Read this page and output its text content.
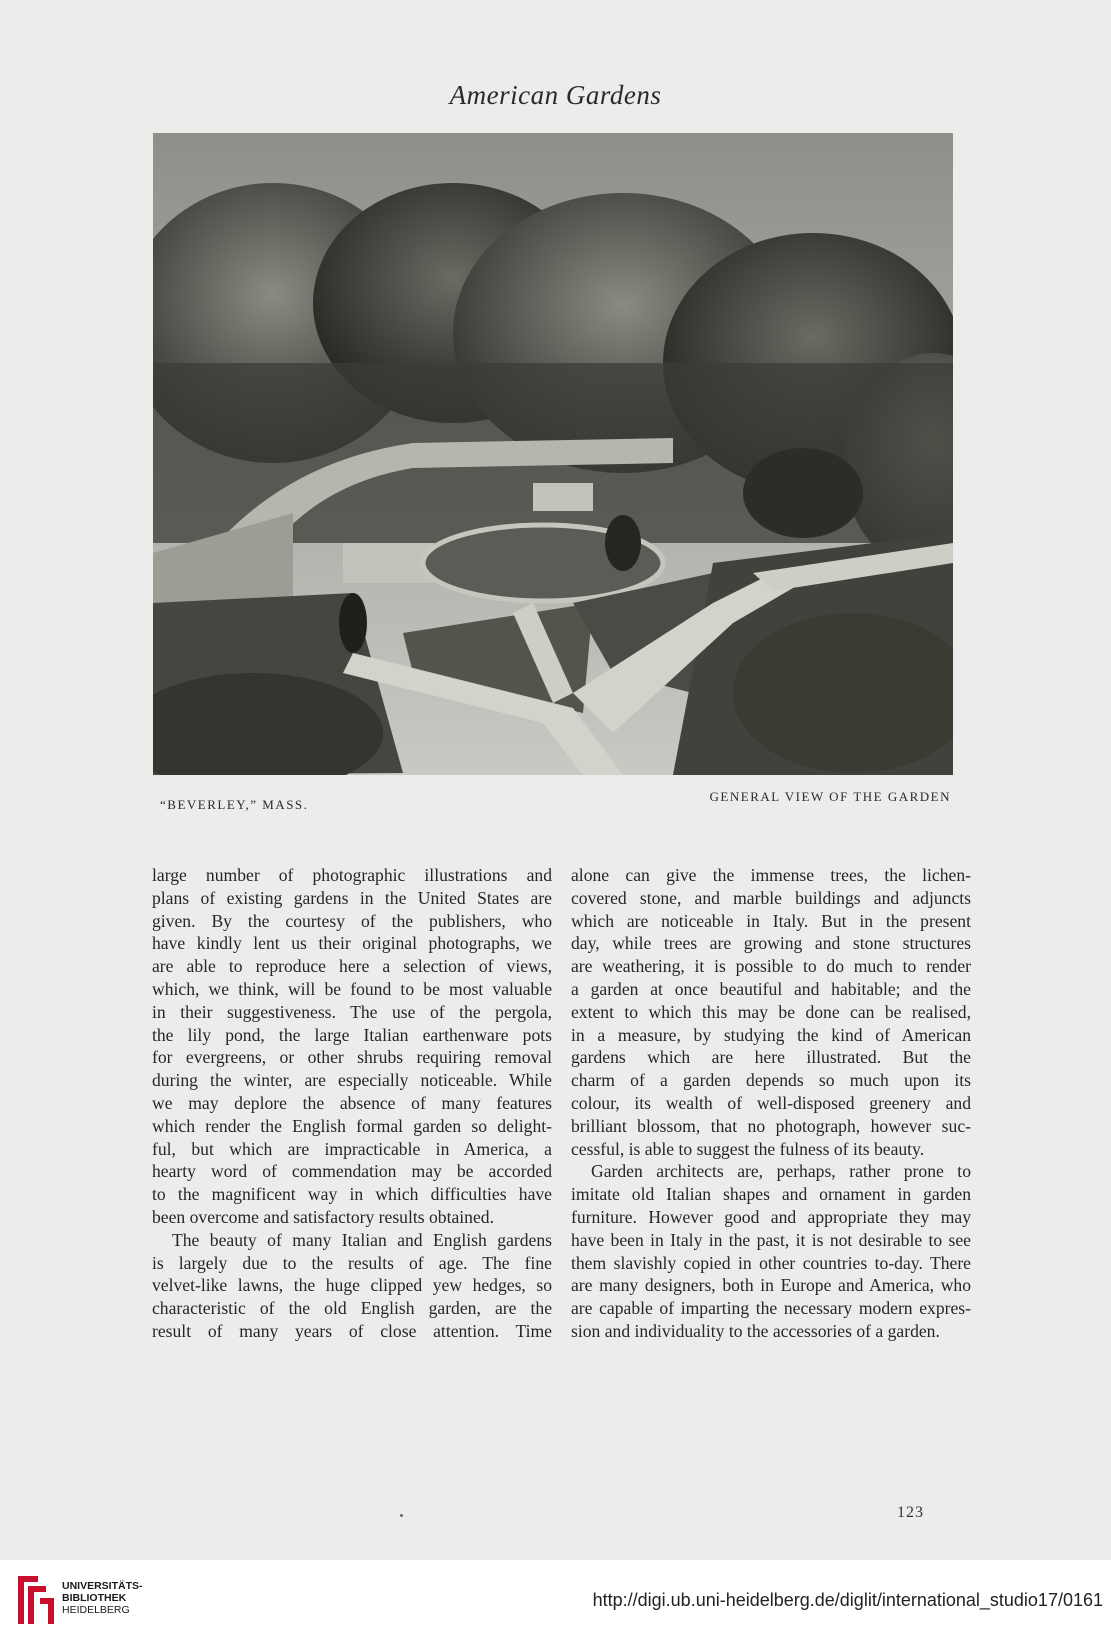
American Gardens
“BEVERLEY,” MASS.
GENERAL VIEW OF THE GARDEN
large number of photographic illustrations and
plans of existing gardens in the United States are
given. By the courtesy of the publishers, who
have kindly lent us their original photographs, we
are able to reproduce here a selection of views,
which, we think, will be found to be most valuable
in their suggestiveness. The use of the pergola,
the lily pond, the large Italian earthenware pots
for evergreens, or other shrubs requiring removal
during the winter, are especially noticeable. While
we may deplore the absence of many features
which render the English formal garden so delight-
ful, but which are impracticable in America, a
hearty word of commendation may be accorded
to the magnificent way in which difficulties have
been overcome and satisfactory results obtained.
The beauty of many Italian and English gardens
is largely due to the results of age. The fine
velvet-like lawns, the huge clipped yew hedges, so
characteristic of the old English garden, are the
result of many years of close attention. Time
alone can give the immense trees, the lichen-
covered stone, and marble buildings and adjuncts
which are noticeable in Italy. But in the present
day, while trees are growing and stone structures
are weathering, it is possible to do much to render
a garden at once beautiful and habitable; and the
extent to which this may be done can be realised,
in a measure, by studying the kind of American
gardens which are here illustrated. But the
charm of a garden depends so much upon its
colour, its wealth of well-disposed greenery and
brilliant blossom, that no photograph, however suc-
cessful, is able to suggest the fulness of its beauty.
Garden architects are, perhaps, rather prone to
imitate old Italian shapes and ornament in garden
furniture. However good and appropriate they may
have been in Italy in the past, it is not desirable to see
them slavishly copied in other countries to-day. There
are many designers, both in Europe and America, who
are capable of imparting the necessary modern expres-
sion and individuality to the accessories of a garden.
123
UNIVERSITÄTS-
BIBLIOTHEK
HEIDELBERG	http://digi.ub.uni-heidelberg.de/diglit/international_studio17/0161
